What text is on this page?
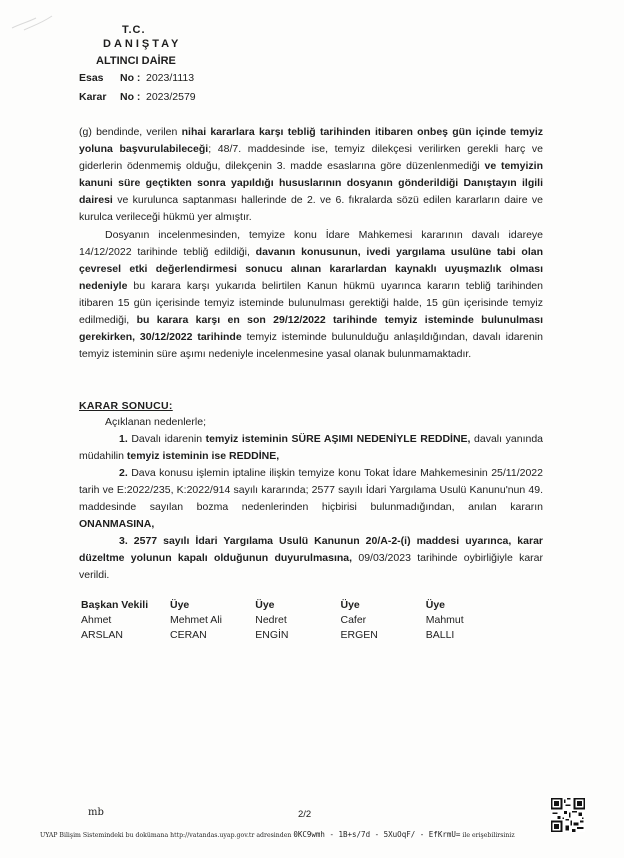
T.C.
DANIŞTAY
ALTINCI DAİRE
Esas No : 2023/1113
Karar No : 2023/2579

(g) bendinde, verilen nihai kararlara karşı tebliğ tarihinden itibaren onbeş gün içinde temyiz yoluna başvurulabileceği; 48/7. maddesinde ise, temyiz dilekçesi verilirken gerekli harç ve giderlerin ödenmemiş olduğu, dilekçenin 3. madde esaslarına göre düzenlenmediği ve temyizin kanuni süre geçtikten sonra yapıldığı hususlarının dosyanın gönderildiği Danıştayın ilgili dairesi ve kurulunca saptanması hallerinde de 2. ve 6. fıkralarda sözü edilen kararların daire ve kurulca verileceği hükmü yer almıştır.

Dosyanın incelenmesinden, temyize konu İdare Mahkemesi kararının davalı idareye 14/12/2022 tarihinde tebliğ edildiği, davanın konusunun, ivedi yargılama usulüne tabi olan çevresel etki değerlendirmesi sonucu alınan kararlardan kaynaklı uyuşmazlık olması nedeniyle bu karara karşı yukarıda belirtilen Kanun hükmü uyarınca kararın tebliğ tarihinden itibaren 15 gün içerisinde temyiz isteminde bulunulması gerektiği halde, 15 gün içerisinde temyiz edilmediği, bu karara karşı en son 29/12/2022 tarihinde temyiz isteminde bulunulması gerekirken, 30/12/2022 tarihinde temyiz isteminde bulunulduğu anlaşıldığından, davalı idarenin temyiz isteminin süre aşımı nedeniyle incelenmesine yasal olanak bulunmamaktadır.

KARAR SONUCU:

Açıklanan nedenlerle;

1. Davalı idarenin temyiz isteminin SÜRE AŞIMI NEDENİYLE REDDİNE, davalı yanında müdahilin temyiz isteminin ise REDDİNE,

2. Dava konusu işlemin iptaline ilişkin temyize konu Tokat İdare Mahkemesinin 25/11/2022 tarih ve E:2022/235, K:2022/914 sayılı kararında; 2577 sayılı İdari Yargılama Usulü Kanunu'nun 49. maddesinde sayılan bozma nedenlerinden hiçbirisi bulunmadığından, anılan kararın ONANMASINA,

3. 2577 sayılı İdari Yargılama Usulü Kanunun 20/A-2-(i) maddesi uyarınca, karar düzeltme yolunun kapalı olduğunun duyurulmasına, 09/03/2023 tarihinde oybirliğiyle karar verildi.

Başkan Vekili	Üye	Üye	Üye	Üye
Ahmet	Mehmet Ali	Nedret	Cafer	Mahmut
ARSLAN	CERAN	ENGİN	ERGEN	BALLI
mb	2/2
UYAP Bilişim Sistemindeki bu dokümana http://vatandas.uyap.gov.tr adresinden 0KC9wmh - 1B+s/7d - 5XuOqF/ - EfKrmU= ile erişebilirsiniz
